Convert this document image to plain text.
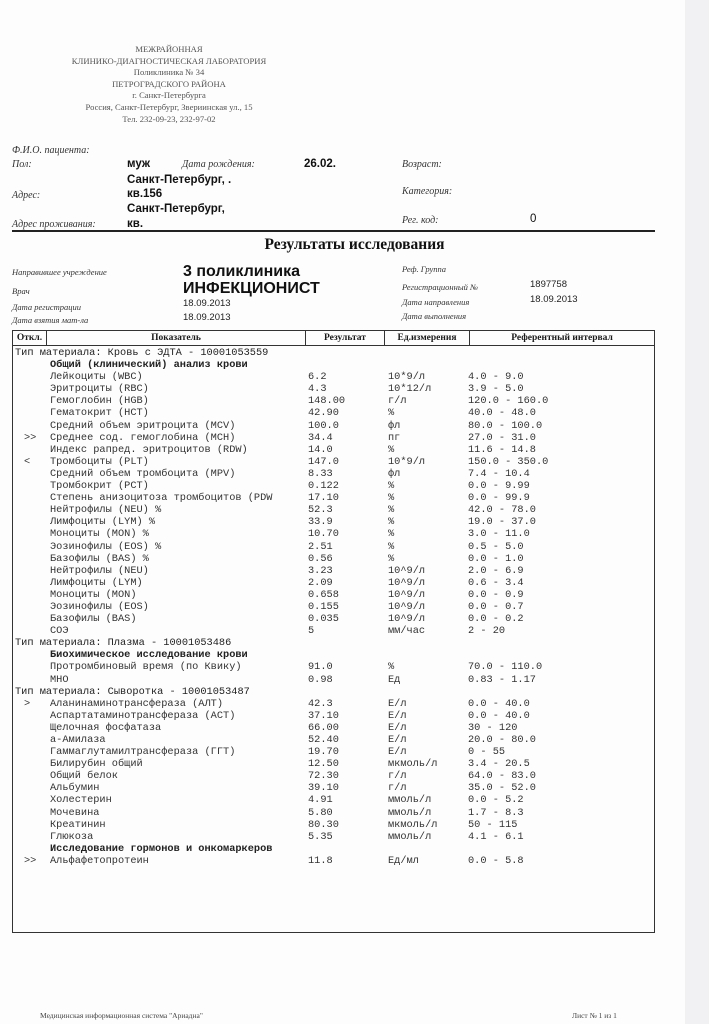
МЕЖРАЙОННАЯ
КЛИНИКО-ДИАГНОСТИЧЕСКАЯ ЛАБОРАТОРИЯ
Поликлиника № 34
ПЕТРОГРАДСКОГО РАЙОНА
г. Санкт-Петербурга
Россия, Санкт-Петербург, Звериинская ул., 15
Тел. 232-09-23, 232-97-02
Ф.И.О. пациента:
Пол:	муж	Дата рождения:	26.02.	Возраст:
Санкт-Петербург, .
Адрес:	кв.156	Категория:
Санкт-Петербург,
Адрес проживания:	кв.	Рег. код:	0
Результаты исследования
Направившее учреждение	3 поликлиника
Врач	ИНФЕКЦИОНИСТ
Дата регистрации	18.09.2013
Дата взятия мат-ла	18.09.2013
Реф. Группа
Регистрационный №	1897758
Дата направления	18.09.2013
Дата выполнения
Откл.	Показатель	Результат	Ед.измерения	Референтный интервал
Тип материала: Кровь с ЭДТА - 10001053559
Общий (клинический) анализ крови
Лейкоциты (WBC)	6.2	10*9/л	4.0 - 9.0
Эритроциты (RBC)	4.3	10*12/л	3.9 - 5.0
Гемоглобин (HGB)	148.00	г/л	120.0 - 160.0
Гематокрит (HCT)	42.90	%	40.0 - 48.0
Средний объем эритроцита (MCV)	100.0	фл	80.0 - 100.0
>> Среднее сод. гемоглобина (MCH)	34.4	пг	27.0 - 31.0
Индекс рапред. эритроцитов (RDW)	14.0	%	11.6 - 14.8
< Тромбоциты (PLT)	147.0	10*9/л	150.0 - 350.0
Средний объем тромбоцита (MPV)	8.33	фл	7.4 - 10.4
Тромбокрит (PCT)	0.122	%	0.0 - 9.99
Степень анизоцитоза тромбоцитов (PDW	17.10	%	0.0 - 99.9
Нейтрофилы (NEU) %	52.3	%	42.0 - 78.0
Лимфоциты (LYM) %	33.9	%	19.0 - 37.0
Моноциты (MON) %	10.70	%	3.0 - 11.0
Эозинофилы (EOS) %	2.51	%	0.5 - 5.0
Базофилы (BAS) %	0.56	%	0.0 - 1.0
Нейтрофилы (NEU)	3.23	10^9/л	2.0 - 6.9
Лимфоциты (LYM)	2.09	10^9/л	0.6 - 3.4
Моноциты (MON)	0.658	10^9/л	0.0 - 0.9
Эозинофилы (EOS)	0.155	10^9/л	0.0 - 0.7
Базофилы (BAS)	0.035	10^9/л	0.0 - 0.2
СОЭ	5	мм/час	2 - 20
Тип материала: Плазма - 10001053486
Биохимическое исследование крови
Протромбиновый время (по Квику)	91.0	%	70.0 - 110.0
МНО	0.98	Ед	0.83 - 1.17
Тип материала: Сыворотка - 10001053487
> Аланинаминотрансфераза (АЛТ)	42.3	Е/л	0.0 - 40.0
Аспартатаминотрансфераза (АСТ)	37.10	Е/л	0.0 - 40.0
Щелочная фосфатаза	66.00	Е/л	30 - 120
а-Амилаза	52.40	Е/л	20.0 - 80.0
Гаммаглутамилтрансфераза (ГГТ)	19.70	Е/л	0 - 55
Билирубин общий	12.50	мкмоль/л	3.4 - 20.5
Общий белок	72.30	г/л	64.0 - 83.0
Альбумин	39.10	г/л	35.0 - 52.0
Холестерин	4.91	ммоль/л	0.0 - 5.2
Мочевина	5.80	ммоль/л	1.7 - 8.3
Креатинин	80.30	мкмоль/л	50 - 115
Глюкоза	5.35	ммоль/л	4.1 - 6.1
Исследование гормонов и онкомаркеров
>> Альфафетопротеин	11.8	Ед/мл	0.0 - 5.8
Медицинская информационная система "Ариадна"	Лист № 1 из 1
